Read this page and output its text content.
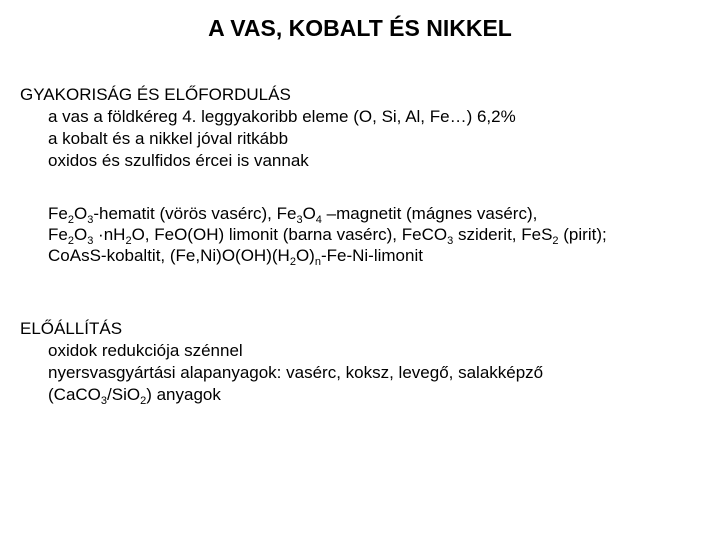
A VAS, KOBALT ÉS NIKKEL
GYAKORISÁG ÉS ELŐFORDULÁS
a vas a földkéreg 4. leggyakoribb eleme (O, Si, Al, Fe…) 6,2%
a kobalt és a nikkel jóval ritkább
oxidos és szulfidos ércei is vannak
$Fe_2O_3$-hematit (vörös vasérc), $Fe_3O_4$ –magnetit (mágnes vasérc),
$Fe_2O_3 \cdot nH_2O$, FeO(OH) limonit (barna vasérc), FeCO$_3$ sziderit, FeS$_2$ (pirit);
CoAsS-kobaltit, $(Fe,Ni)O(OH)(H_2O)_n-Fe-Ni$-limonit
ELŐÁLLÍTÁS
oxidok redukciója szénnel
nyersvasgyártási alapanyagok: vasérc, koksz, levegő, salakképző
(CaCO$_3$/SiO$_2$) anyagok
